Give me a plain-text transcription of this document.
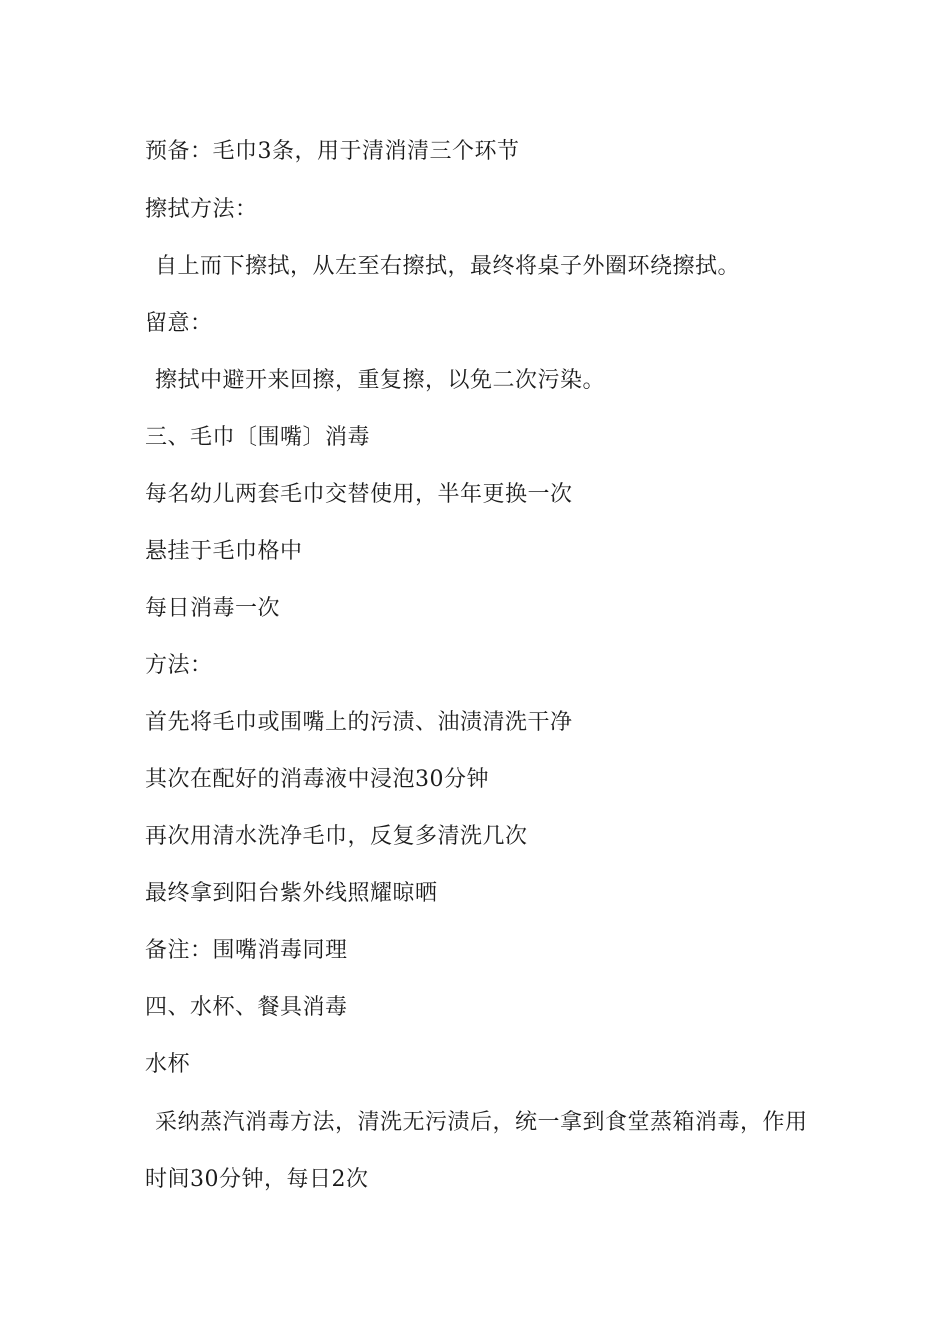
预备：毛巾3条，用于清消清三个环节
擦拭方法：
自上而下擦拭，从左至右擦拭，最终将桌子外圈环绕擦拭。
留意：
擦拭中避开来回擦，重复擦，以免二次污染。
三、毛巾〔围嘴〕消毒
每名幼儿两套毛巾交替使用，半年更换一次
悬挂于毛巾格中
每日消毒一次
方法：
首先将毛巾或围嘴上的污渍、油渍清洗干净
其次在配好的消毒液中浸泡30分钟
再次用清水洗净毛巾，反复多清洗几次
最终拿到阳台紫外线照耀晾晒
备注：围嘴消毒同理
四、水杯、餐具消毒
水杯
采纳蒸汽消毒方法，清洗无污渍后，统一拿到食堂蒸箱消毒，作用
时间30分钟，每日2次
